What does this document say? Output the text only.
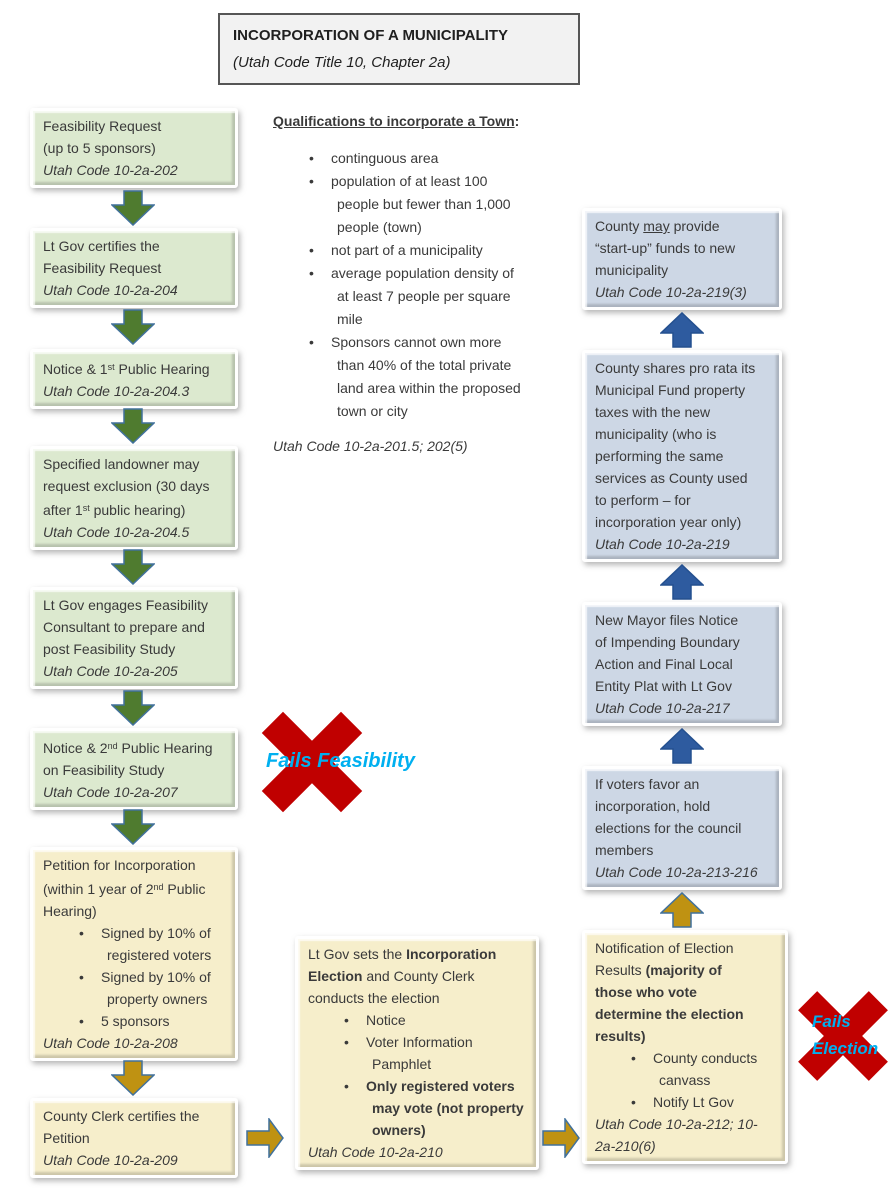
INCORPORATION OF A MUNICIPALITY
(Utah Code Title 10, Chapter 2a)
Qualifications to incorporate a Town:
•	continguous area
•	population of at least 100
people but fewer than 1,000
people (town)
•	not part of a municipality
•	average population density of
at least 7 people per square
mile
•	Sponsors cannot own more
than 40% of the total private
land area within the proposed
town or city
Utah Code 10-2a-201.5; 202(5)
Feasibility Request
(up to 5 sponsors)
Utah Code 10-2a-202
Lt Gov certifies the
Feasibility Request
Utah Code 10-2a-204
Notice & 1st Public Hearing
Utah Code 10-2a-204.3
Specified landowner may
request exclusion (30 days
after 1st public hearing)
Utah Code 10-2a-204.5
Lt Gov engages Feasibility
Consultant to prepare and
post Feasibility Study
Utah Code 10-2a-205
Notice & 2nd Public Hearing
on Feasibility Study
Utah Code 10-2a-207
Petition for Incorporation
(within 1 year of 2nd Public
Hearing)
•	Signed by 10% of
registered voters
•	Signed by 10% of
property owners
•	5 sponsors
Utah Code 10-2a-208
County Clerk certifies the
Petition
Utah Code 10-2a-209
Lt Gov sets the Incorporation
Election and County Clerk
conducts the election
•	Notice
•	Voter Information
Pamphlet
•	Only registered voters
may vote (not property
owners)
Utah Code 10-2a-210
County may provide
“start-up” funds to new
municipality
Utah Code 10-2a-219(3)
County shares pro rata its
Municipal Fund property
taxes with the new
municipality (who is
performing the same
services as County used
to perform – for
incorporation year only)
Utah Code 10-2a-219
New Mayor files Notice
of Impending Boundary
Action and Final Local
Entity Plat with Lt Gov
Utah Code 10-2a-217
If voters favor an
incorporation, hold
elections for the council
members
Utah Code 10-2a-213-216
Notification of Election
Results (majority of
those who vote
determine the election
results)
•	County conducts
canvass
•	Notify Lt Gov
Utah Code 10-2a-212; 10-
2a-210(6)
Fails Feasibility
Fails
Election
